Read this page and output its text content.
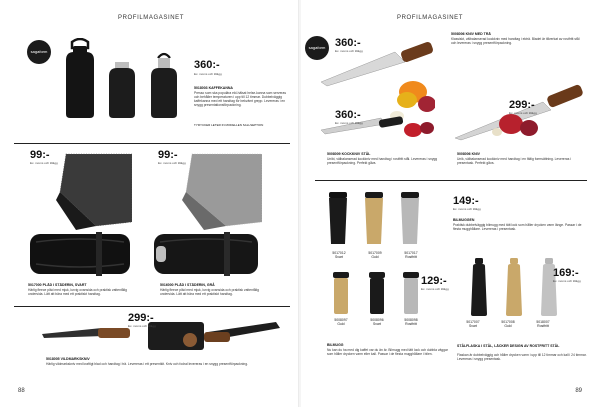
PROFILMAGASINET
sagaform
360:-
Ex. moms och tillägg
5018003 KAFFEKANNA
Presso som ska populära eld-hälsat helse-kanna som serveras och behåller temperaturen i upp till 12 timmar. Dubbelväggig kaffekanna med ett handtag för bekvämt grepp. Levereras i en snygg presentationsförpackning.
TYRYCKER LETER IN MODELLEN SALLSEPTION
99:-
Ex. moms och tillägg
5017000 PLÄD I STÄDERIN, SVART
Härlig fleece pläd med mjuk, lurvig ovansida och praktisk vattentålig undersida. Lätt att bära med ett praktiskt handtag.
99:-
Ex. moms och tillägg
5016000 PLÄD I STÄDERIN, GRÅ
Härlig fleece pläd med mjuk, lurvig ovansida och praktisk vattentålig undersida. Lätt att bära med ett praktiskt handtag.
299:-
Ex. moms och tillägg
5018005 VILDMARKSKNIV
Härlig vildmarkskniv med kraftigt blad och handtag i trä. Levereras i ett presentkit. Kniv och fodral levereras i en snygg presentförpackning.
88
PROFILMAGASINET
sagaform 360:-
Ex. moms och tillägg
360:-
Ex. moms och tillägg
5008006 KNIV MED TRÄ
Klassiskt, välbalanserad kockkniv med handtag i ekträ. Bladet är tillverkat av rostfritt stål och levereras i snygg presentförpackning.
299:-
Ex. moms och tillägg
5008009 KOCKKNIV STÅL
Unikt, välbalanserad kockkniv med handtag i rostfritt stål. Levereras i snygg presentförpackning. Perfekt gåva.
5008006 KNIV
Unik, välbalanserad kockkniv med handtag i en fältig formsättning. Levereras i presentask. Perfekt gåva.
5017012
Svart
5017009
Guld
5017017
Rostfritt
149:-
Ex. moms och tillägg
BILMUGGEN
Praktisk dubbelväggig bilmugg med tätt lock som håller drycken varm länge. Passar i de flesta mugghållare. Levereras i presentask.
129:-
Ex. moms och tillägg
5008097
Guld
5008096
Svart
5008098
Rostfritt
BILMUGG
Nu kan du ha med dig kaffet var du än är. Bilmugg med tätt lock och dubbla väggar som håller drycken varm eller kall. Passar i de flesta mugghållare i bilen.
169:-
Ex. moms och tillägg
5017007
Svart
5017008
Guld
5018007
Rostfritt
STÅLFLASKA I STÅL, LÄCKER DESIGN AV ROSTFRITT STÅL
Flaskan är dubbelväggig och håller drycken varm i upp till 12 timmar och kall i 24 timmar. Levereras i snygg presentask.
89
